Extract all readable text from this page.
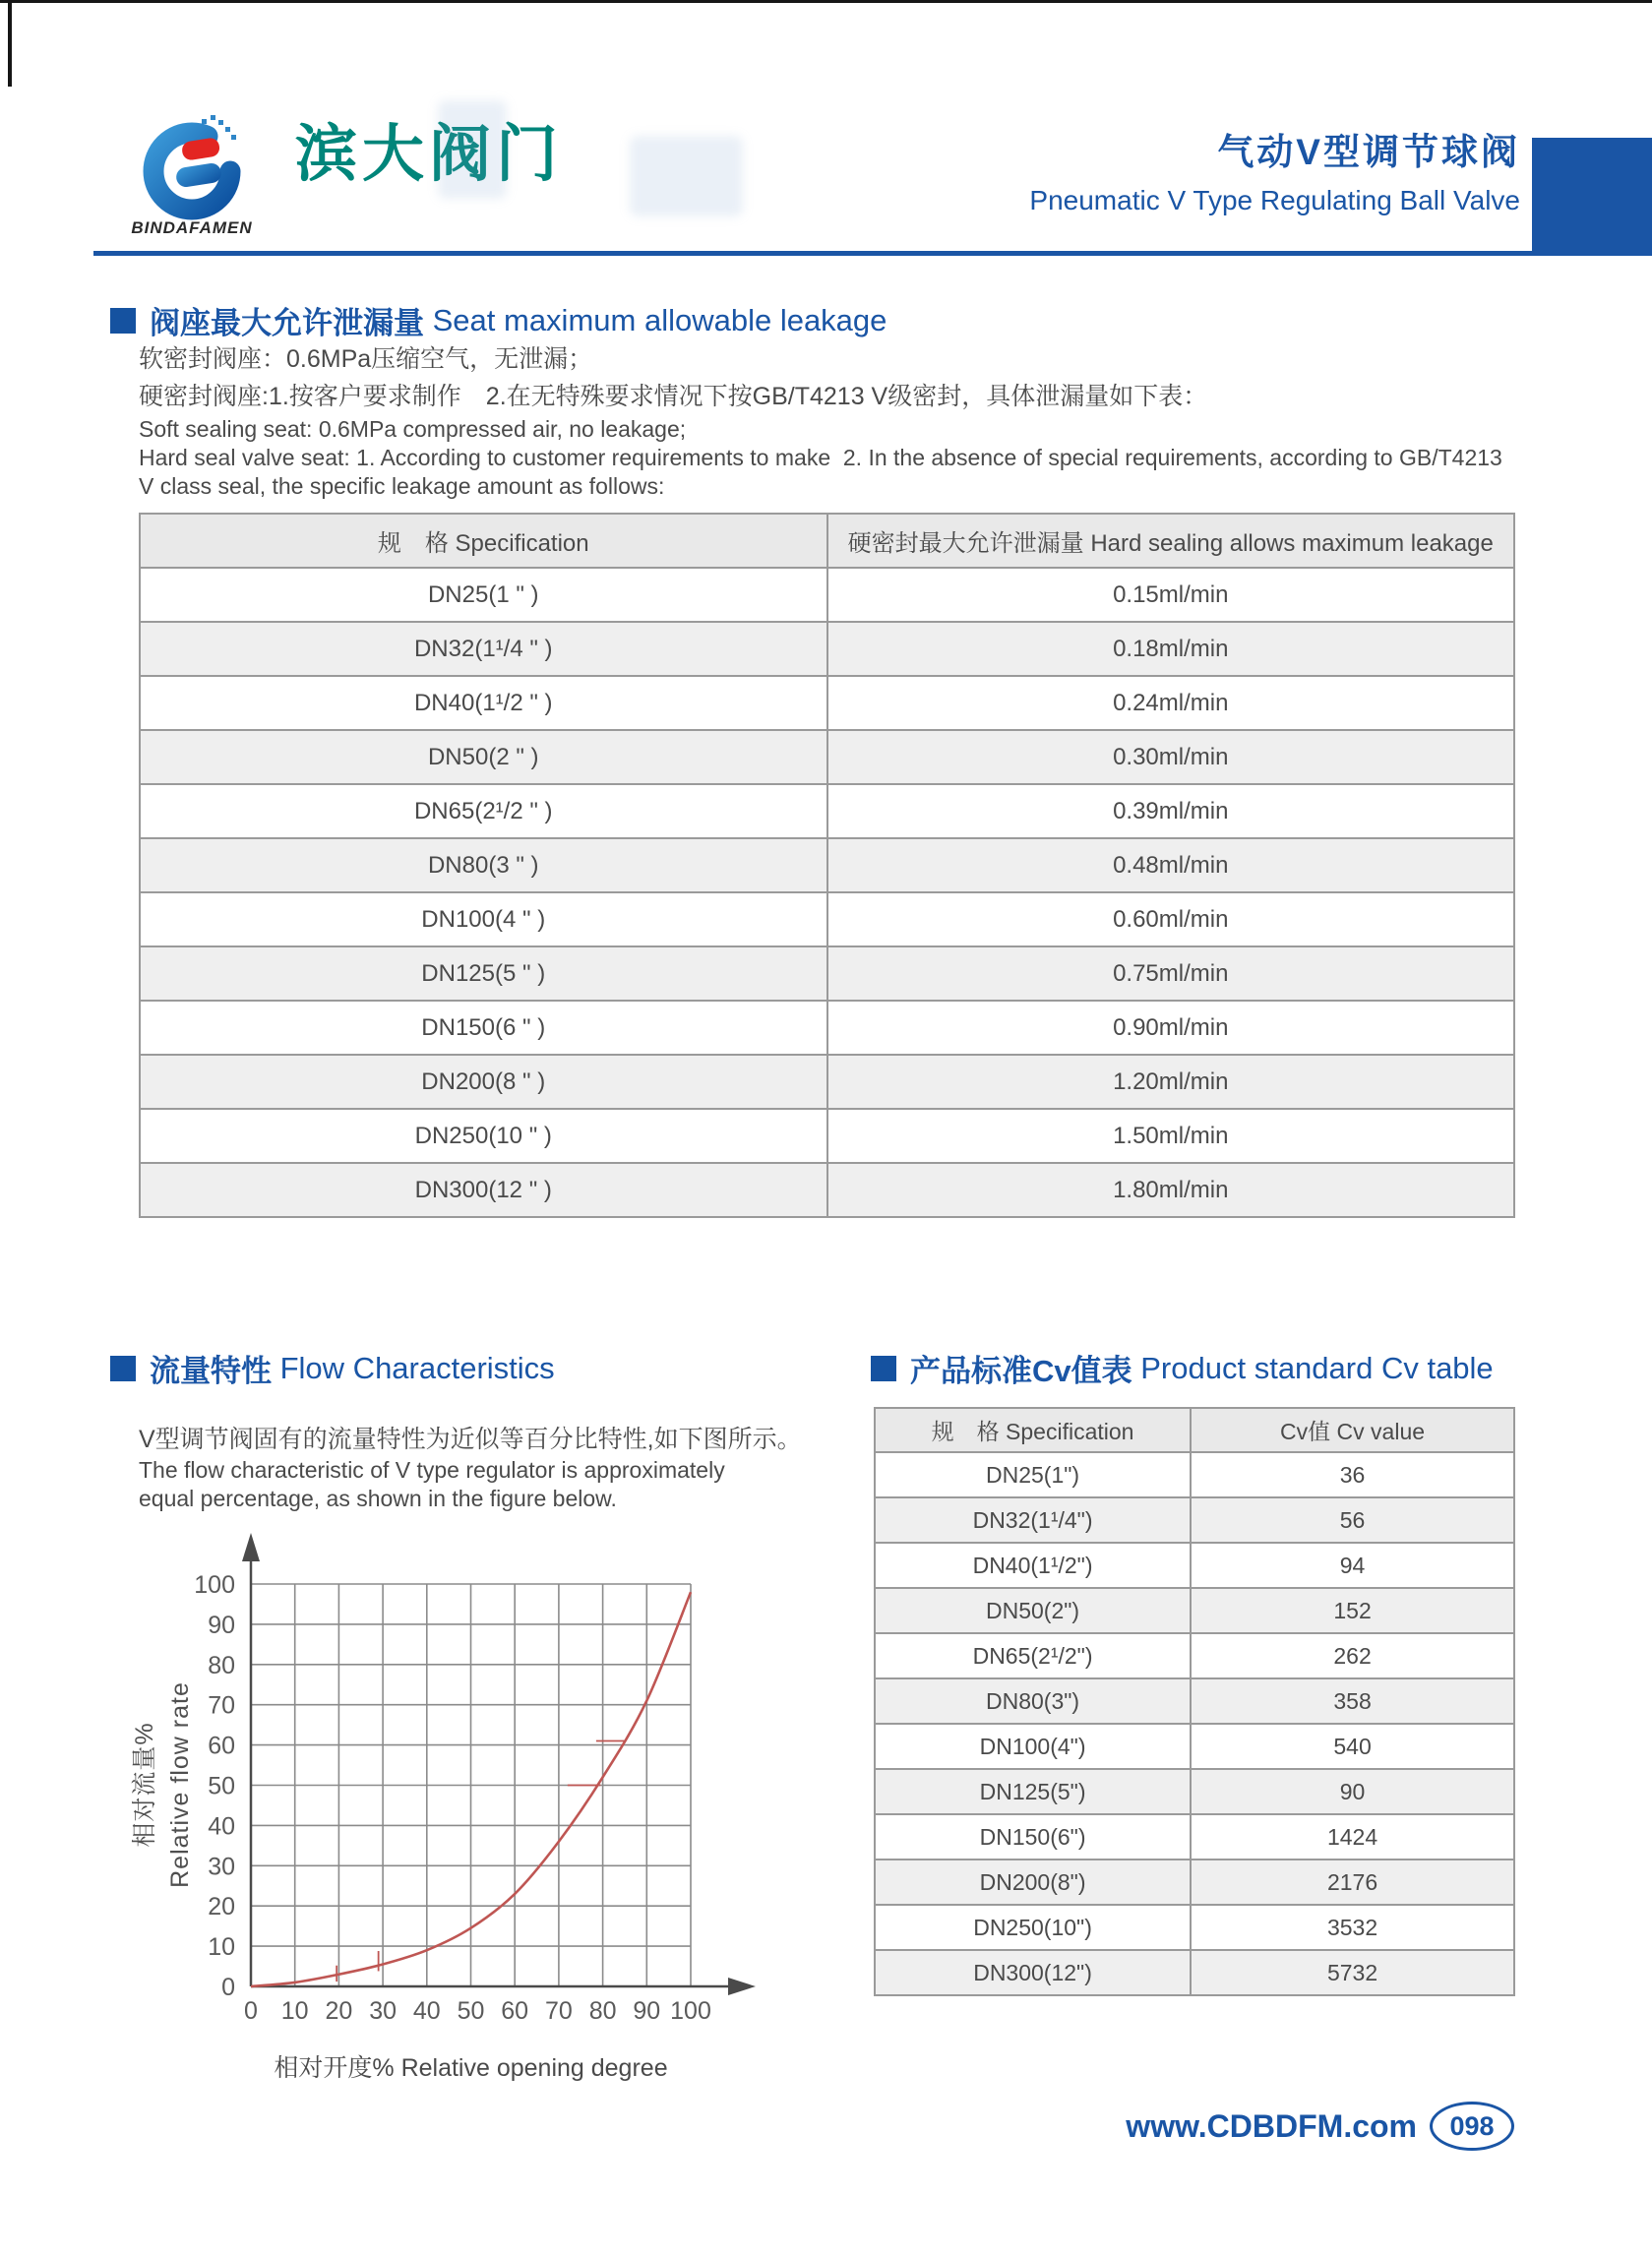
BINDAFAMEN
滨大阀门	气动V型调节球阀
Pneumatic V Type Regulating Ball Valve
阀座最大允许泄漏量 Seat maximum allowable leakage

软密封阀座：0.6MPa压缩空气，无泄漏；

硬密封阀座:1.按客户要求制作　2.在无特殊要求情况下按GB/T4213 V级密封，具体泄漏量如下表：

Soft sealing seat: 0.6MPa compressed air, no leakage;

Hard seal valve seat: 1. According to customer requirements to make  2. In the absence of special requirements, according to GB/T4213

V class seal, the specific leakage amount as follows:

规　格 Specification	硬密封最大允许泄漏量 Hard sealing allows maximum leakage
DN25(1 " )	0.15ml/min
DN32(1¹/4 " )	0.18ml/min
DN40(1¹/2 " )	0.24ml/min
DN50(2 " )	0.30ml/min
DN65(2¹/2 " )	0.39ml/min
DN80(3 " )	0.48ml/min
DN100(4 " )	0.60ml/min
DN125(5 " )	0.75ml/min
DN150(6 " )	0.90ml/min
DN200(8 " )	1.20ml/min
DN250(10 " )	1.50ml/min
DN300(12 " )	1.80ml/min
流量特性 Flow Characteristics

V型调节阀固有的流量特性为近似等百分比特性,如下图所示。

The flow characteristic of V type regulator is approximately

equal percentage, as shown in the figure below.

0
10
20
30
40
50
60
70
80
90
100
0 10 20 30 40 50 60 70 80 90 100
相对流量% Relative flow rate
相对开度% Relative opening degree
产品标准Cv值表 Product standard Cv table
规　格 Specification	Cv值 Cv value
DN25(1")	36
DN32(1¹/4")	56
DN40(1¹/2")	94
DN50(2")	152
DN65(2¹/2")	262
DN80(3")	358
DN100(4")	540
DN125(5")	90
DN150(6")	1424
DN200(8")	2176
DN250(10")	3532
DN300(12")	5732
www.CDBDFM.com	098
